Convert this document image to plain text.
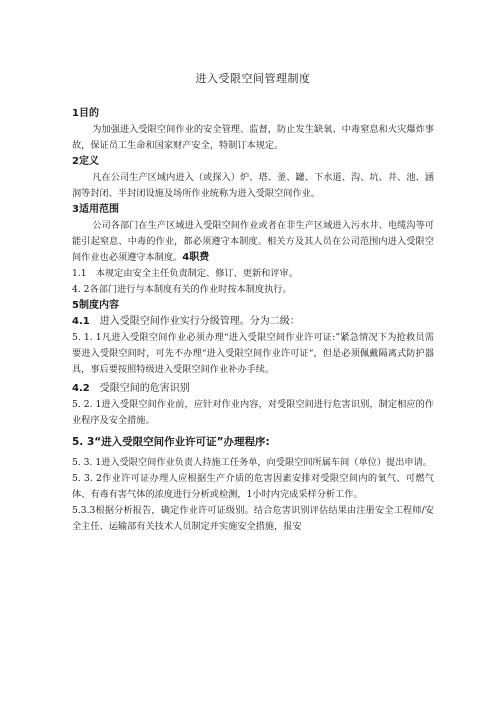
进入受限空间管理制度
1目的

为加强进入受限空间作业的安全管理、监督，防止发生缺氧、中毒窒息和火灾爆炸事故，保证员工生命和国家财产安全，特制订本规定。

2定义

凡在公司生产区域内进入（或探入）炉、塔、釜、罐、下水道、沟、坑、井、池、涵洞等封闭、半封闭设施及场所作业统称为进入受限空间作业。

3适用范围

公司各部门在生产区域进入受限空间作业或者在非生产区域进入污水井、电缆沟等可能引起窒息、中毒的作业，都必须遵守本制度。相关方及其人员在公司范围内进入受限空间作业也必须遵守本制度。4职费

1.1　本规定由安全主任负责制定、修订、更新和评审。

4. 2各部门进行与本制度有关的作业时按本制度执行。

5制度内容
4.1　进入受限空间作业实行分级管理。分为二级：

5. 1. 1凡进入受限空间作业必须办理“进入受限空间作业许可证:”紧急情况下为抢救员需要进入受限空间时，可先不办理“进入受限空间作业许可证“，但是必须佩戴隔离式防护器具，事后要按照特级进入受限空间作业补办手续。

4.2　受限空间的危害识别

5. 2. 1进入受限空间作业前，应针对作业内容，对受限空间进行危害识别，制定相应的作业程序及安全措施。

5. 3“进入受限空间作业许可证”办理程序:

5. 3. 1进入受限空间作业负责人持施工任务单，向受限空间所属车间（单位）提出申请。

5. 3. 2作业许可证办理人应根据生产介质的危害因素安排对受限空间内的氧气、可燃气体、有毒有害气体的浓度进行分析或检测，1小时内完成采样分析工作。

5.3.3根据分析报告，确定作业许可证级别。结合危害识别评估结果由注册安全工程师/安全主任、运输部有关技术人员制定并实施安全措施，报安
